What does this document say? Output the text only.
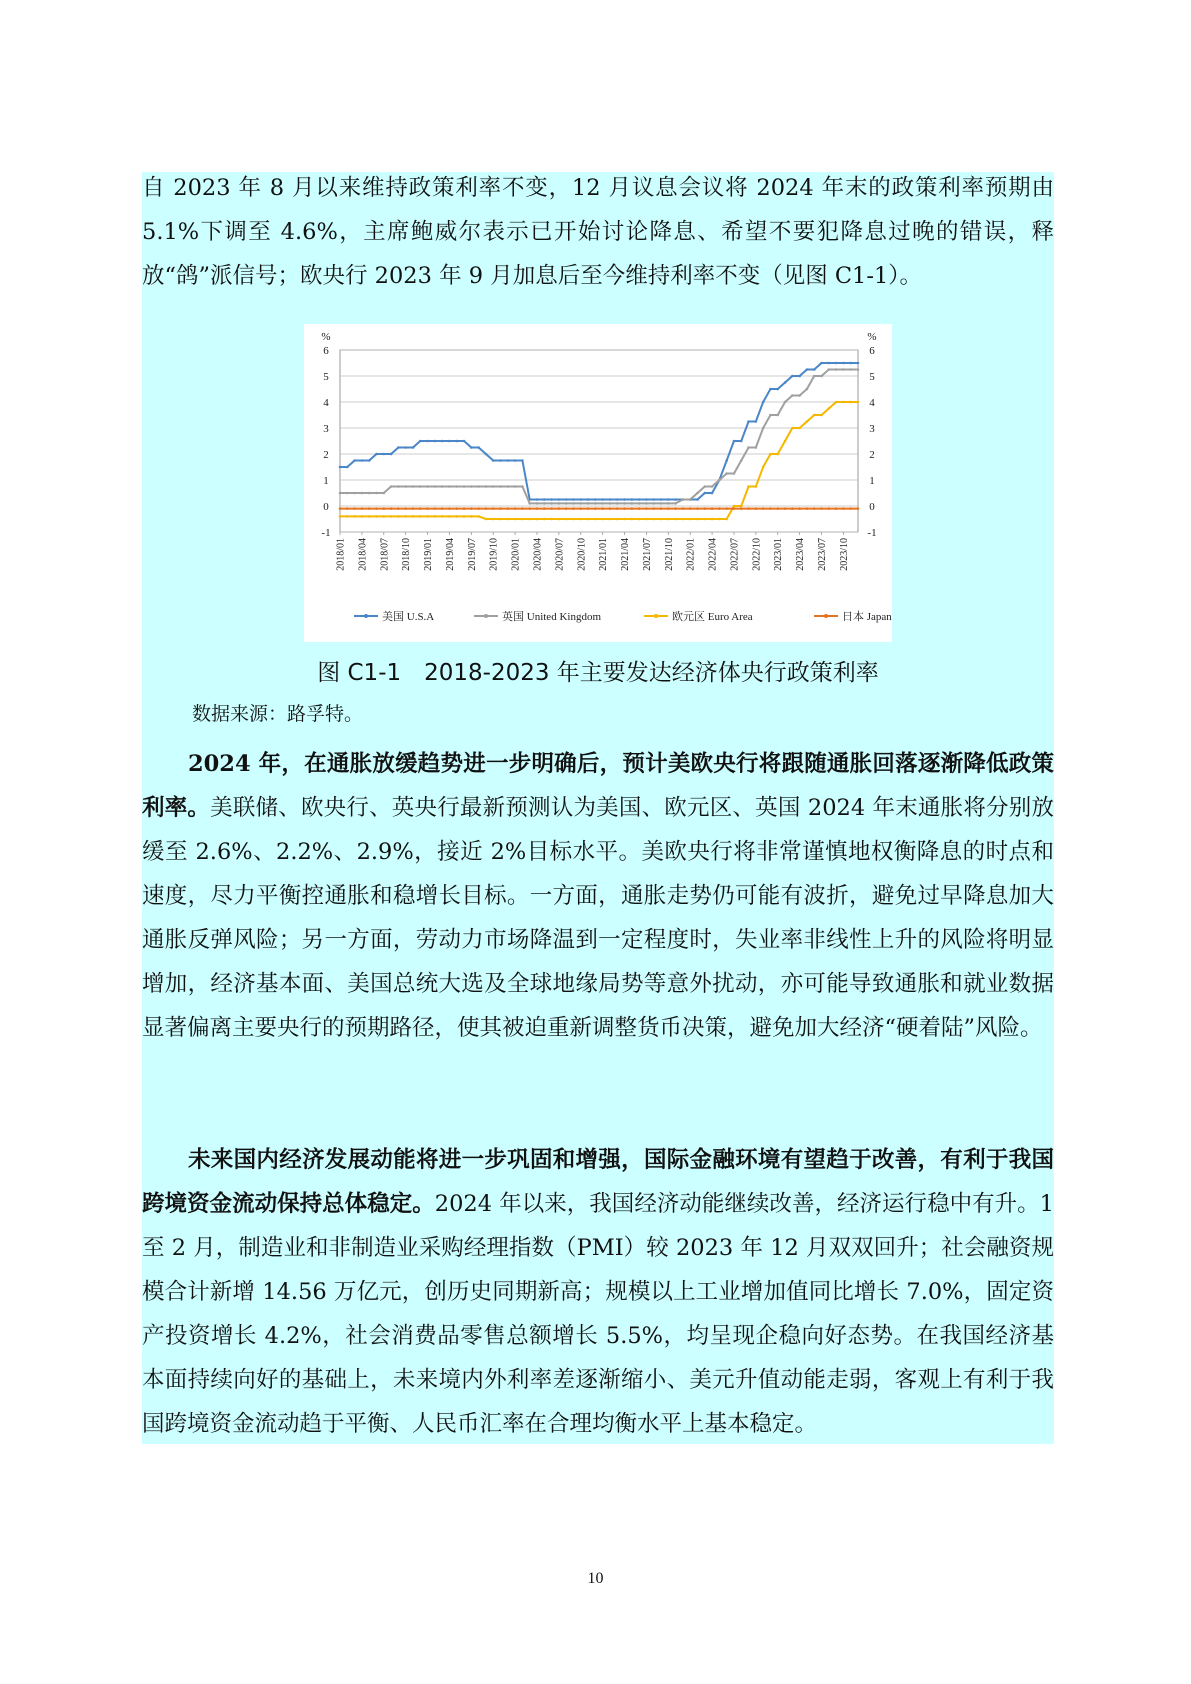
自 2023 年 8 月以来维持政策利率不变，12 月议息会议将 2024 年末的政策利率预期由 5.1%下调至 4.6%，主席鲍威尔表示已开始讨论降息、希望不要犯降息过晚的错误，释放“鸽”派信号；欧央行 2023 年 9 月加息后至今维持利率不变（见图 C1-1）。
-1	-1
0	0
1	1
2	2
3	3
4	4
5	5
6	6
%	%
2018/01 2018/04 2018/07 2018/10 2019/01 2019/04 2019/07 2019/10 2020/01 2020/04 2020/07 2020/10 2021/01 2021/04 2021/07 2021/10 2022/01 2022/04 2022/07 2022/10 2023/01 2023/04 2023/07 2023/10
美国 U.S.A	英国 United Kingdom	欧元区 Euro Area	日本 Japan
图 C1-1　2018-2023 年主要发达经济体央行政策利率
数据来源：路孚特。
2024 年，在通胀放缓趋势进一步明确后，预计美欧央行将跟随通胀回落逐渐降低政策利率。美联储、欧央行、英央行最新预测认为美国、欧元区、英国 2024 年末通胀将分别放缓至 2.6%、2.2%、2.9%，接近 2%目标水平。美欧央行将非常谨慎地权衡降息的时点和速度，尽力平衡控通胀和稳增长目标。一方面，通胀走势仍可能有波折，避免过早降息加大通胀反弹风险；另一方面，劳动力市场降温到一定程度时，失业率非线性上升的风险将明显增加，经济基本面、美国总统大选及全球地缘局势等意外扰动，亦可能导致通胀和就业数据显著偏离主要央行的预期路径，使其被迫重新调整货币决策，避免加大经济“硬着陆”风险。
未来国内经济发展动能将进一步巩固和增强，国际金融环境有望趋于改善，有利于我国跨境资金流动保持总体稳定。2024 年以来，我国经济动能继续改善，经济运行稳中有升。1 至 2 月，制造业和非制造业采购经理指数（PMI）较 2023 年 12 月双双回升；社会融资规模合计新增 14.56 万亿元，创历史同期新高；规模以上工业增加值同比增长 7.0%，固定资产投资增长 4.2%，社会消费品零售总额增长 5.5%，均呈现企稳向好态势。在我国经济基本面持续向好的基础上，未来境内外利率差逐渐缩小、美元升值动能走弱，客观上有利于我国跨境资金流动趋于平衡、人民币汇率在合理均衡水平上基本稳定。
10
